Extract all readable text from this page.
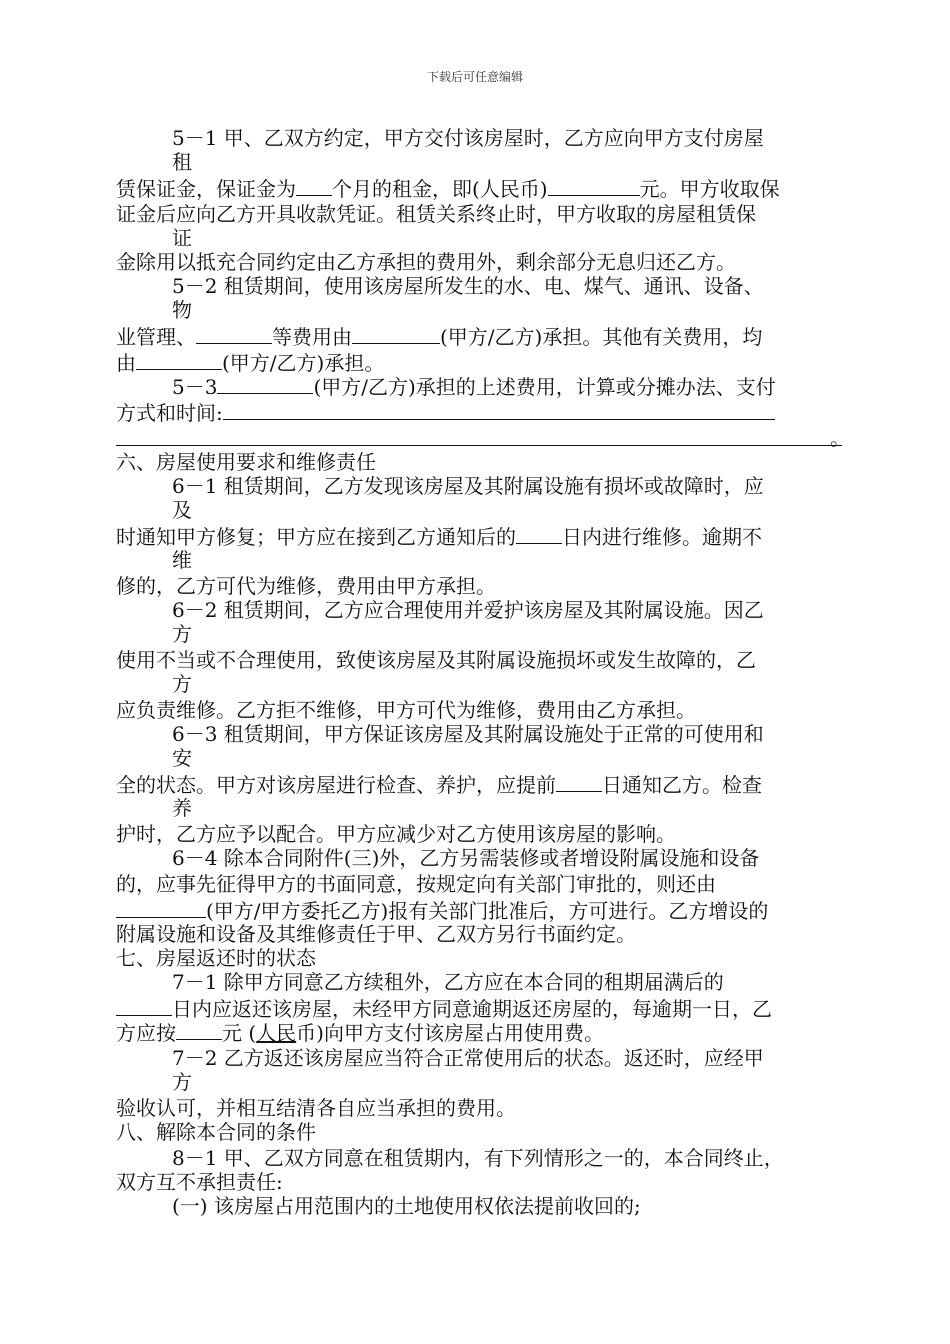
下载后可任意编辑
5－1 甲、乙双方约定，甲方交付该房屋时，乙方应向甲方支付房屋
租
赁保证金，保证金为 个月的租金，即(人民币)	元。甲方收取保
证金后应向乙方开具收款凭证。租赁关系终止时，甲方收取的房屋租赁保
证
金除用以抵充合同约定由乙方承担的费用外，剩余部分无息归还乙方。
5－2 租赁期间，使用该房屋所发生的水、电、煤气、通讯、设备、
物
业管理、	等费用由	(甲方/乙方)承担。其他有关费用，均
由	(甲方/乙方)承担。
5－3	(甲方/乙方)承担的上述费用，计算或分摊办法、支付
方式和时间:
。
六、房屋使用要求和维修责任
6－1 租赁期间，乙方发现该房屋及其附属设施有损坏或故障时，应
及
时通知甲方修复；甲方应在接到乙方通知后的 日内进行维修。逾期不
维
修的，乙方可代为维修，费用由甲方承担。
6－2 租赁期间，乙方应合理使用并爱护该房屋及其附属设施。因乙
方
使用不当或不合理使用，致使该房屋及其附属设施损坏或发生故障的，乙
方
应负责维修。乙方拒不维修，甲方可代为维修，费用由乙方承担。
6－3 租赁期间，甲方保证该房屋及其附属设施处于正常的可使用和
安
全的状态。甲方对该房屋进行检查、养护，应提前 日通知乙方。检查
养
护时，乙方应予以配合。甲方应减少对乙方使用该房屋的影响。
6－4 除本合同附件(三)外，乙方另需装修或者增设附属设施和设备
的，应事先征得甲方的书面同意，按规定向有关部门审批的，则还由
(甲方/甲方委托乙方)报有关部门批准后，方可进行。乙方增设的
附属设施和设备及其维修责任于甲、乙双方另行书面约定。
七、房屋返还时的状态
7－1 除甲方同意乙方续租外，乙方应在本合同的租期届满后的
日内应返还该房屋，未经甲方同意逾期返还房屋的，每逾期一日，乙
方应按 元 (人民币)向甲方支付该房屋占用使用费。
7－2 乙方返还该房屋应当符合正常使用后的状态。返还时，应经甲
方
验收认可，并相互结清各自应当承担的费用。
八、解除本合同的条件
8－1 甲、乙双方同意在租赁期内，有下列情形之一的，本合同终止，
双方互不承担责任:
(一) 该房屋占用范围内的土地使用权依法提前收回的;
